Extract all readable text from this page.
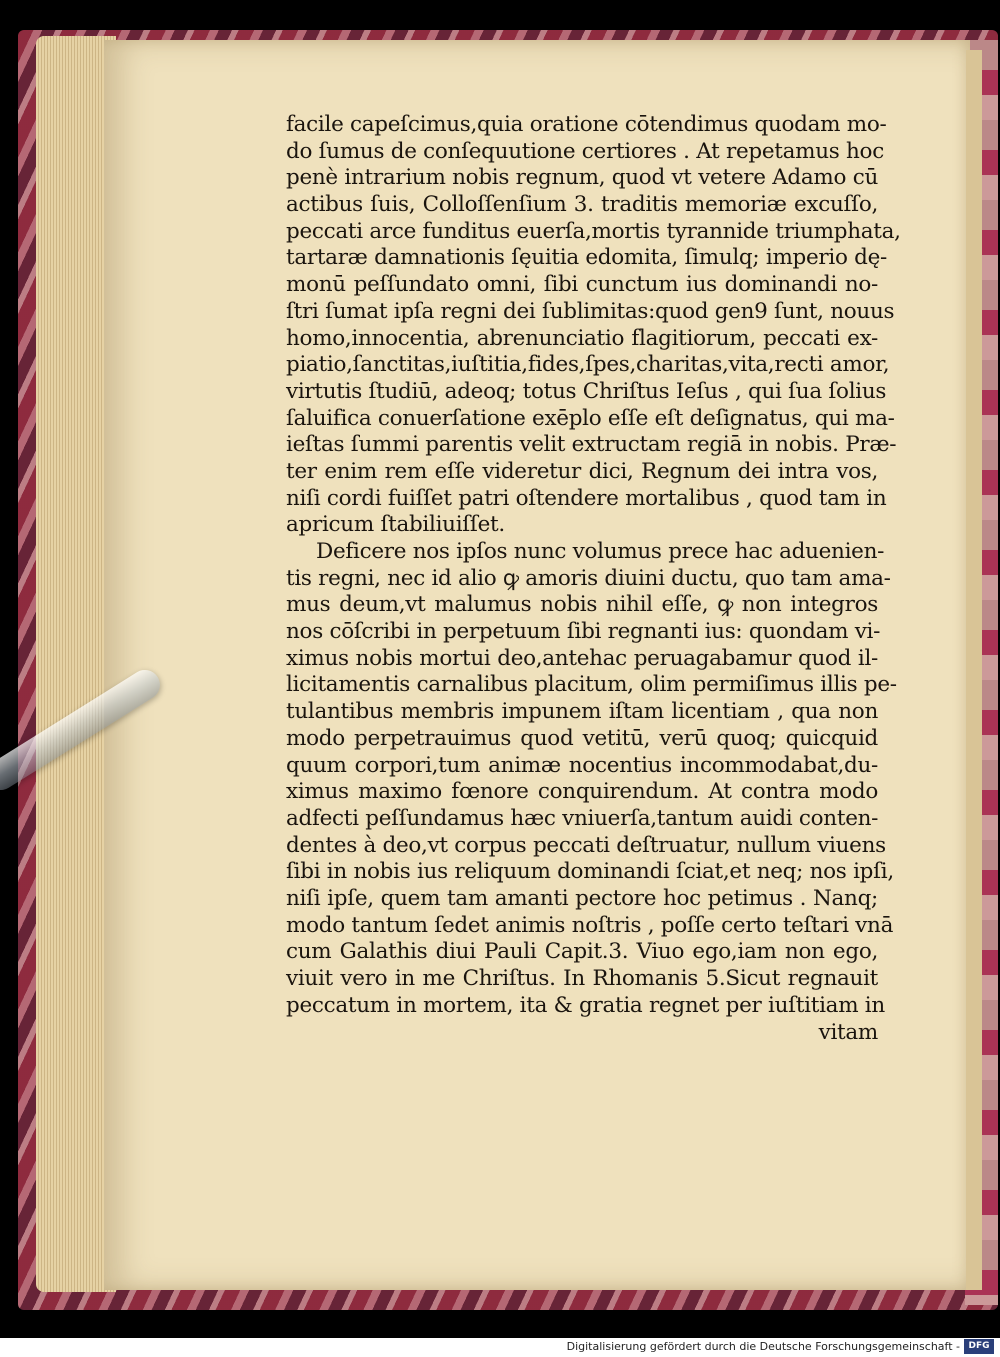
facile capeſcimus,quia oratione cōtendimus quodam mo-
do ſumus de conſequutione certiores . At repetamus hoc
penè intrarium nobis regnum, quod vt vetere Adamo cū
actibus ſuis, Colloſſenſium 3. traditis memoriæ excuſſo,
peccati arce funditus euerſa,mortis tyrannide triumphata,
tartaræ damnationis ſęuitia edomita, ſimulq; imperio dę-
monū peſſundato omni, ſibi cunctum ius dominandi no-
ſtri ſumat ipſa regni dei ſublimitas:quod gen9 ſunt, nouus
homo,innocentia, abrenunciatio flagitiorum, peccati ex-
piatio,ſanctitas,iuſtitia,fides,ſpes,charitas,vita,recti amor,
virtutis ſtudiū, adeoq; totus Chriſtus Ieſus , qui ſua ſolius
ſaluifica conuerſatione exēplo eſſe eſt deſignatus, qui ma-
ieſtas ſummi parentis velit extructam regiā in nobis. Præ-
ter enim rem eſſe videretur dici, Regnum dei intra vos,
niſi cordi fuiſſet patri oſtendere mortalibus , quod tam in
apricum ſtabiliuiſſet.
Deficere nos ipſos nunc volumus prece hac aduenien-
tis regni, nec id alio ꝙ amoris diuini ductu, quo tam ama-
mus deum,vt malumus nobis nihil eſſe, ꝙ non integros
nos cōſcribi in perpetuum ſibi regnanti ius: quondam vi-
ximus nobis mortui deo,antehac peruagabamur quod il-
licitamentis carnalibus placitum, olim permiſimus illis pe-
tulantibus membris impunem iſtam licentiam , qua non
modo perpetrauimus quod vetitū, verū quoq; quicquid
quum corpori,tum animæ nocentius incommodabat,du-
ximus maximo fœnore conquirendum. At contra modo
adfecti peſſundamus hæc vniuerſa,tantum auidi conten-
dentes à deo,vt corpus peccati deſtruatur, nullum viuens
ſibi in nobis ius reliquum dominandi ſciat,et neq; nos ipſi,
niſi ipſe, quem tam amanti pectore hoc petimus . Nanq;
modo tantum ſedet animis noſtris , poſſe certo teſtari vnā
cum Galathis diui Pauli Capit.3. Viuo ego,iam non ego,
viuit vero in me Chriſtus. In Rhomanis 5.Sicut regnauit
peccatum in mortem, ita & gratia regnet per iuſtitiam in
vitam
Digitalisierung gefördert durch die Deutsche Forschungsgemeinschaft - DFG
